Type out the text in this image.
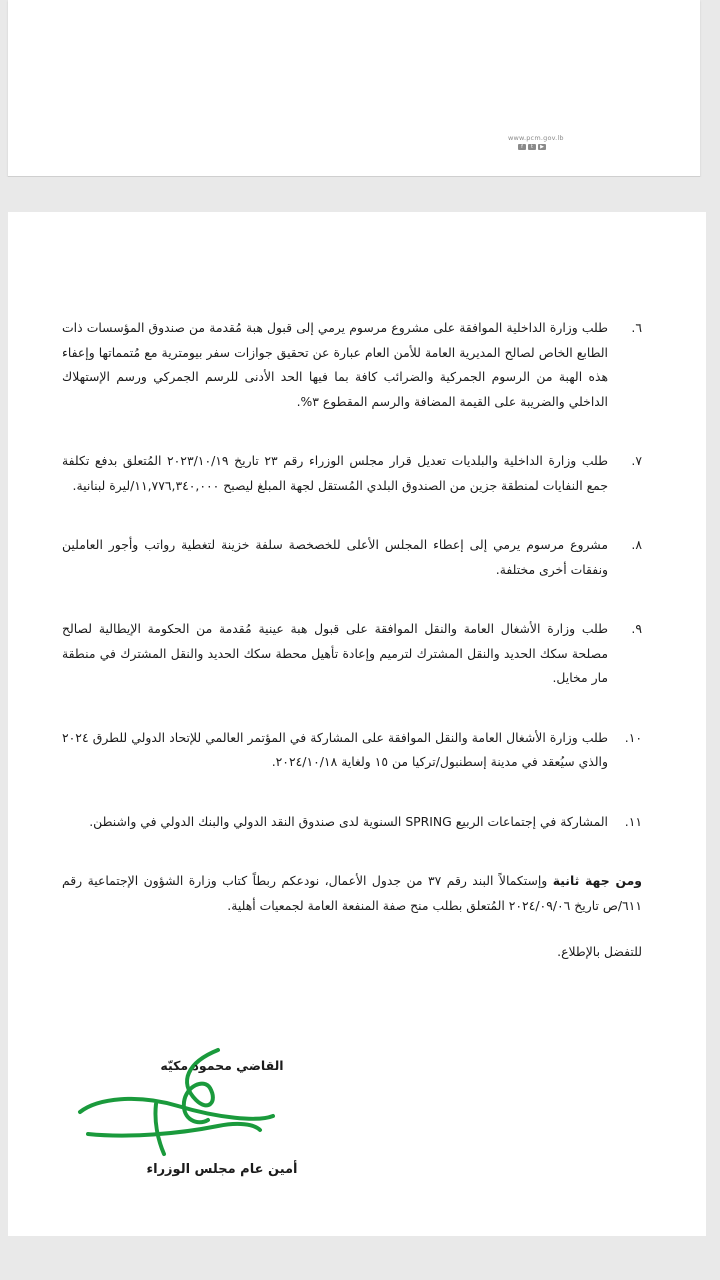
www.pcm.gov.lb
f	t	▶
٦.
طلب وزارة الداخلية الموافقة على مشروع مرسوم يرمي إلى قبول هبة مُقدمة من صندوق المؤسسات ذات الطابع الخاص لصالح المديرية العامة للأمن العام عبارة عن تحقيق جوازات سفر بيومترية مع مُتمماتها وإعفاء هذه الهبة من الرسوم الجمركية والضرائب كافة بما فيها الحد الأدنى للرسم الجمركي ورسم الإستهلاك الداخلي والضريبة على القيمة المضافة والرسم المقطوع ٣%.
٧.
طلب وزارة الداخلية والبلديات تعديل قرار مجلس الوزراء رقم ٢٣ تاريخ ٢٠٢٣/١٠/١٩ المُتعلق بدفع تكلفة جمع النفايات لمنطقة جزين من الصندوق البلدي المُستقل لجهة المبلغ ليصبح ١١,٧٧٦,٣٤٠,٠٠٠/ليرة لبنانية.
٨.
مشروع مرسوم يرمي إلى إعطاء المجلس الأعلى للخصخصة سلفة خزينة لتغطية رواتب وأجور العاملين ونفقات أخرى مختلفة.
٩.
طلب وزارة الأشغال العامة والنقل الموافقة على قبول هبة عينية مُقدمة من الحكومة الإيطالية لصالح مصلحة سكك الحديد والنقل المشترك لترميم وإعادة تأهيل محطة سكك الحديد والنقل المشترك في منطقة مار مخايل.
١٠.
طلب وزارة الأشغال العامة والنقل الموافقة على المشاركة في المؤتمر العالمي للإتحاد الدولي للطرق ٢٠٢٤ والذي سيُعقد في مدينة إسطنبول/تركيا من ١٥ ولغاية ٢٠٢٤/١٠/١٨.
١١.
المشاركة في إجتماعات الربيع SPRING السنوية لدى صندوق النقد الدولي والبنك الدولي في واشنطن.
ومن جهة ثانية وإستكمالاً البند رقم ٣٧ من جدول الأعمال، نودعكم ربطاً كتاب وزارة الشؤون الإجتماعية رقم ٦١١/ص تاريخ ٢٠٢٤/٠٩/٠٦ المُتعلق بطلب منح صفة المنفعة العامة لجمعيات أهلية.
للتفضل بالإطلاع.
القاضي محمود مكيّه
أمين عام مجلس الوزراء
